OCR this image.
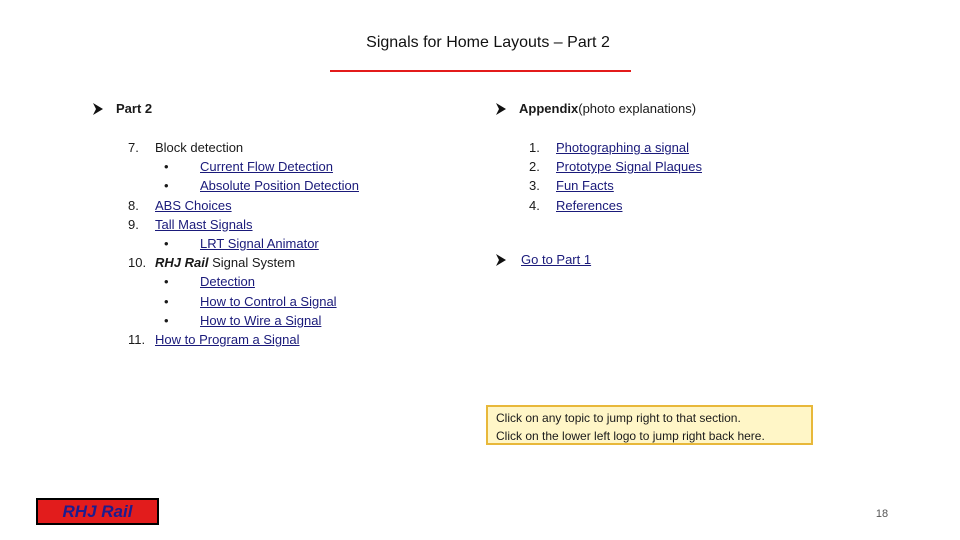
Signals for Home Layouts – Part 2
Part 2
7. Block detection
• Current Flow Detection
• Absolute Position Detection
8. ABS Choices
9. Tall Mast Signals
• LRT Signal Animator
10. RHJ Rail Signal System
• Detection
• How to Control a Signal
• How to Wire a Signal
11. How to Program a Signal
Appendix (photo explanations)
1. Photographing a signal
2. Prototype Signal Plaques
3. Fun Facts
4. References
Go to Part 1
Click on any topic to jump right to that section.
Click on the lower left logo to jump right back here.
RHJ Rail	18
